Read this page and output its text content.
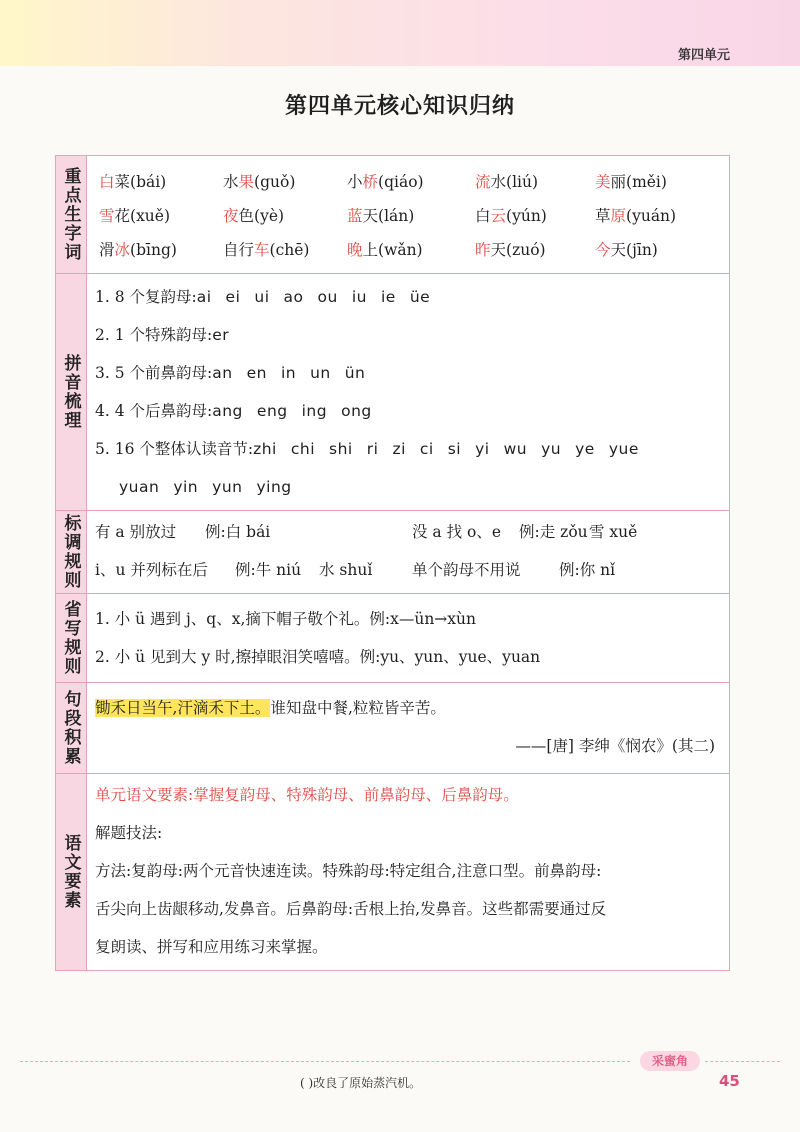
第四单元
第四单元核心知识归纳
重点生字词 白菜(bái)	水果(guǒ)	小桥(qiáo)	流水(liú)	美丽(měi)
雪花(xuě)	夜色(yè)	蓝天(lán)	白云(yún)	草原(yuán)
滑冰(bīng)	自行车(chē)	晚上(wǎn)	昨天(zuó)	今天(jīn)
拼音梳理
1. 8 个复韵母:ai ei ui ao ou iu ie üe
2. 1 个特殊韵母:er
3. 5 个前鼻韵母:an en in un ün
4. 4 个后鼻韵母:ang eng ing ong
5. 16 个整体认读音节:zhi chi shi ri zi ci si yi wu yu ye yue
yuan yin yun ying
标调规则 有 a 别放过 例:白 bái	没 a 找 o、e 例:走 zǒu雪 xuě
i、u 并列标在后 例:牛 niú 水 shuǐ	单个韵母不用说 例:你 nǐ
省写规则 1. 小 ü 遇到 j、q、x,摘下帽子敬个礼。例:x—ün→xùn
2. 小 ü 见到大 y 时,擦掉眼泪笑嘻嘻。例:yu、yun、yue、yuan
句段积累 锄禾日当午,汗滴禾下土。谁知盘中餐,粒粒皆辛苦。
——[唐] 李绅《悯农》(其二)
语文要素
单元语文要素:掌握复韵母、特殊韵母、前鼻韵母、后鼻韵母。
解题技法:
方法:复韵母:两个元音快速连读。特殊韵母:特定组合,注意口型。前鼻韵母:
舌尖向上齿龈移动,发鼻音。后鼻韵母:舌根上抬,发鼻音。这些都需要通过反
复朗读、拼写和应用练习来掌握。
采蜜角
( )改良了原始蒸汽机。	45
